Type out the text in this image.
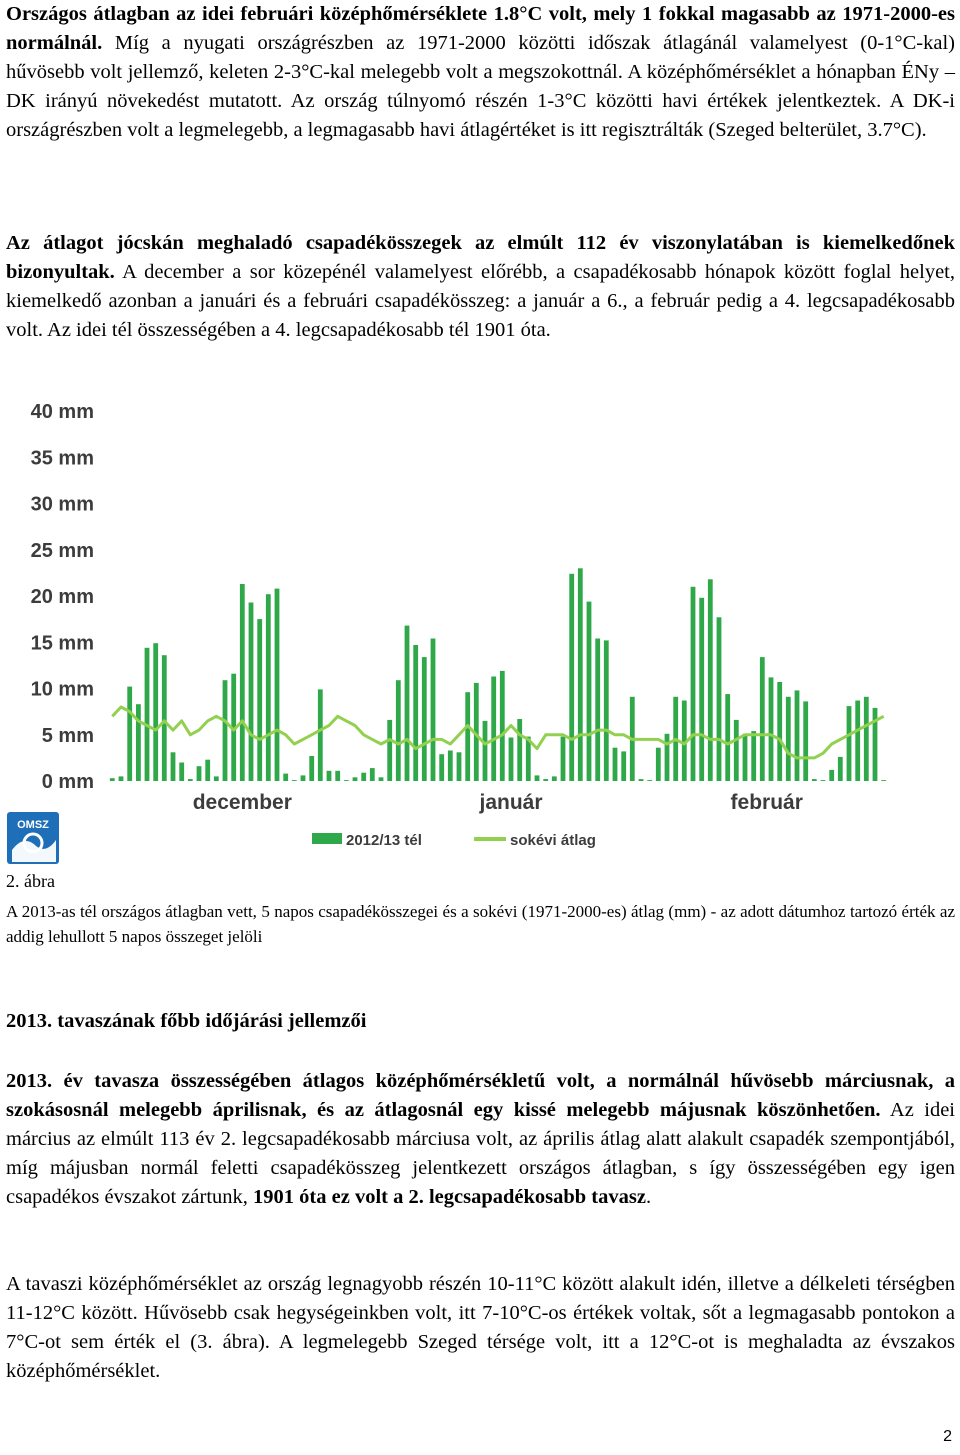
Országos átlagban az idei februári középhőmérséklete 1.8°C volt, mely 1 fokkal magasabb az 1971-2000-es normálnál. Míg a nyugati országrészben az 1971-2000 közötti időszak átlagánál valamelyest (0-1°C-kal) hűvösebb volt jellemző, keleten 2-3°C-kal melegebb volt a megszokottnál. A középhőmérséklet a hónapban ÉNy – DK irányú növekedést mutatott. Az ország túlnyomó részén 1-3°C közötti havi értékek jelentkeztek. A DK-i országrészben volt a legmelegebb, a legmagasabb havi átlagértéket is itt regisztrálták (Szeged belterület, 3.7°C).

Az átlagot jócskán meghaladó csapadékösszegek az elmúlt 112 év viszonylatában is kiemelkedőnek bizonyultak. A december a sor közepénél valamelyest előrébb, a csapadékosabb hónapok között foglal helyet, kiemelkedő azonban a januári és a februári csapadékösszeg: a január a 6., a február pedig a 4. legcsapadékosabb volt. Az idei tél összességében a 4. legcsapadékosabb tél 1901 óta.

40 mm
35 mm
30 mm
25 mm
20 mm
15 mm
10 mm
5 mm
0 mm
december	január	február
OMSZ
2012/13 tél	sokévi átlag
2. ábra

A 2013-as tél országos átlagban vett, 5 napos csapadékösszegei és a sokévi (1971-2000-es) átlag (mm) - az adott dátumhoz tartozó érték az addig lehullott 5 napos összeget jelöli

2013. tavaszának főbb időjárási jellemzői

2013. év tavasza összességében átlagos középhőmérsékletű volt, a normálnál hűvösebb márciusnak, a szokásosnál melegebb áprilisnak, és az átlagosnál egy kissé melegebb májusnak köszönhetően. Az idei március az elmúlt 113 év 2. legcsapadékosabb márciusa volt, az április átlag alatt alakult csapadék szempontjából, míg májusban normál feletti csapadékösszeg jelentkezett országos átlagban, s így összességében egy igen csapadékos évszakot zártunk, 1901 óta ez volt a 2. legcsapadékosabb tavasz.

A tavaszi középhőmérséklet az ország legnagyobb részén 10-11°C között alakult idén, illetve a délkeleti térségben 11-12°C között. Hűvösebb csak hegységeinkben volt, itt 7-10°C-os értékek voltak, sőt a legmagasabb pontokon a 7°C-ot sem érték el (3. ábra). A legmelegebb Szeged térsége volt, itt a 12°C-ot is meghaladta az évszakos középhőmérséklet.

2
